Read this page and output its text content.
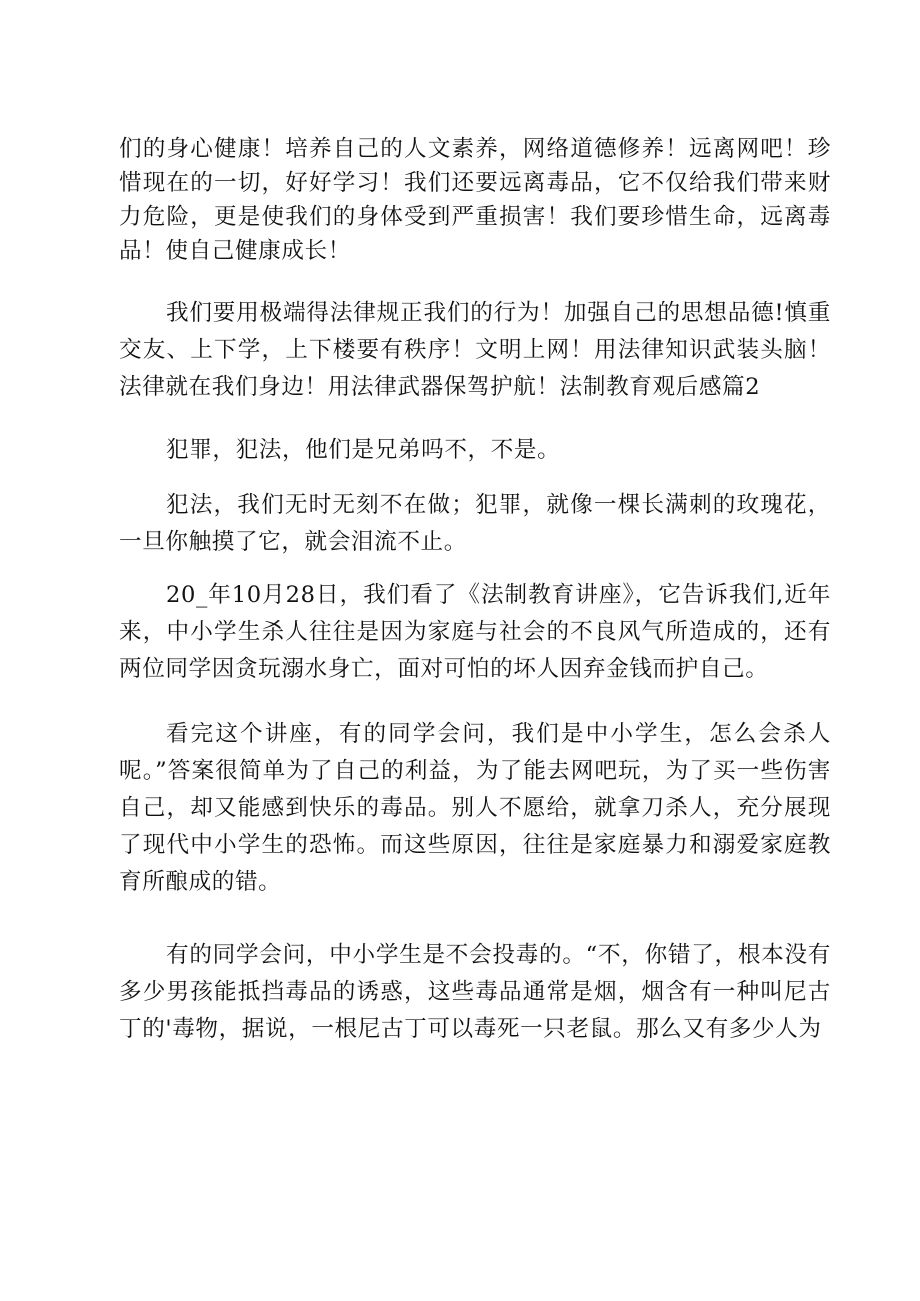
们的身心健康！培养自己的人文素养，网络道德修养！远离网吧！珍惜现在的一切，好好学习！我们还要远离毒品，它不仅给我们带来财力危险，更是使我们的身体受到严重损害！我们要珍惜生命，远离毒品！使自己健康成长！

我们要用极端得法律规正我们的行为！加强自己的思想品德!慎重交友、上下学，上下楼要有秩序！文明上网！用法律知识武装头脑！法律就在我们身边！用法律武器保驾护航！法制教育观后感篇2

犯罪，犯法，他们是兄弟吗不，不是。

犯法，我们无时无刻不在做；犯罪，就像一棵长满刺的玫瑰花，一旦你触摸了它，就会泪流不止。

20_年10月28日，我们看了《法制教育讲座》，它告诉我们,近年来，中小学生杀人往往是因为家庭与社会的不良风气所造成的，还有两位同学因贪玩溺水身亡，面对可怕的坏人因弃金钱而护自己。

看完这个讲座，有的同学会问，我们是中小学生，怎么会杀人呢。”答案很简单为了自己的利益，为了能去网吧玩，为了买一些伤害自己，却又能感到快乐的毒品。别人不愿给，就拿刀杀人，充分展现了现代中小学生的恐怖。而这些原因，往往是家庭暴力和溺爱家庭教育所酿成的错。

有的同学会问，中小学生是不会投毒的。“不，你错了，根本没有多少男孩能抵挡毒品的诱惑，这些毒品通常是烟，烟含有一种叫尼古丁的'毒物，据说，一根尼古丁可以毒死一只老鼠。那么又有多少人为
